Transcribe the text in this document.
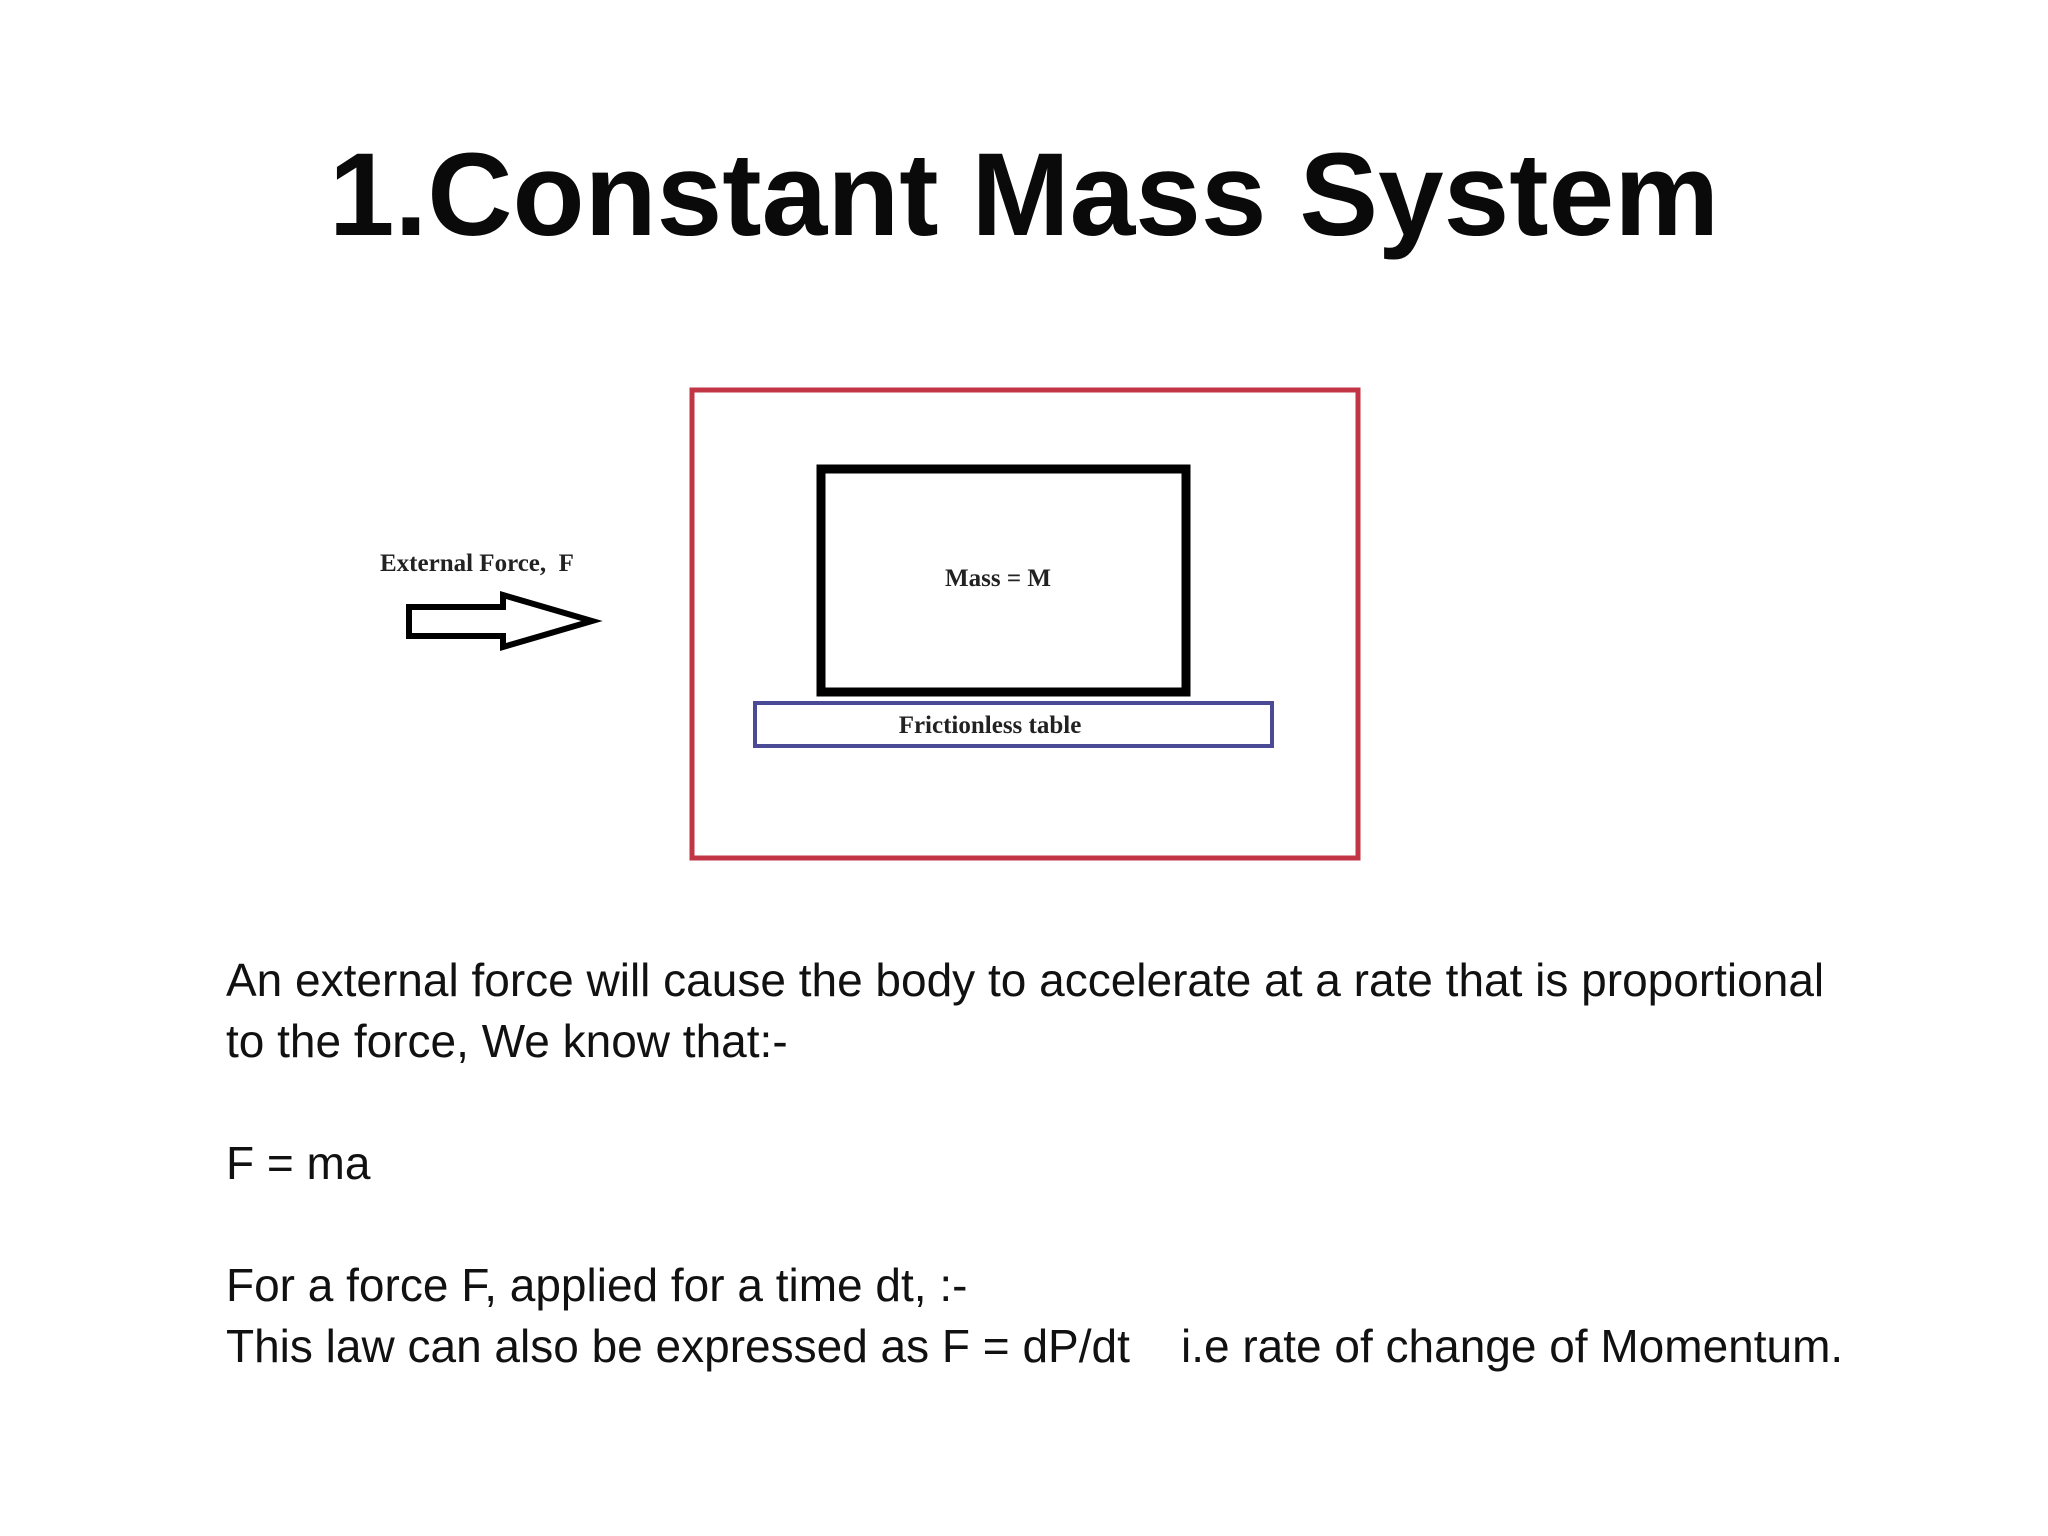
1.Constant Mass System
Mass = M
Frictionless table
External Force,  F

An external force will cause the body to accelerate at a rate that is proportional

to the force, We know that:-

F = ma

For a force F, applied for a time dt, :-

This law can also be expressed as F = dP/dt    i.e rate of change of Momentum.
